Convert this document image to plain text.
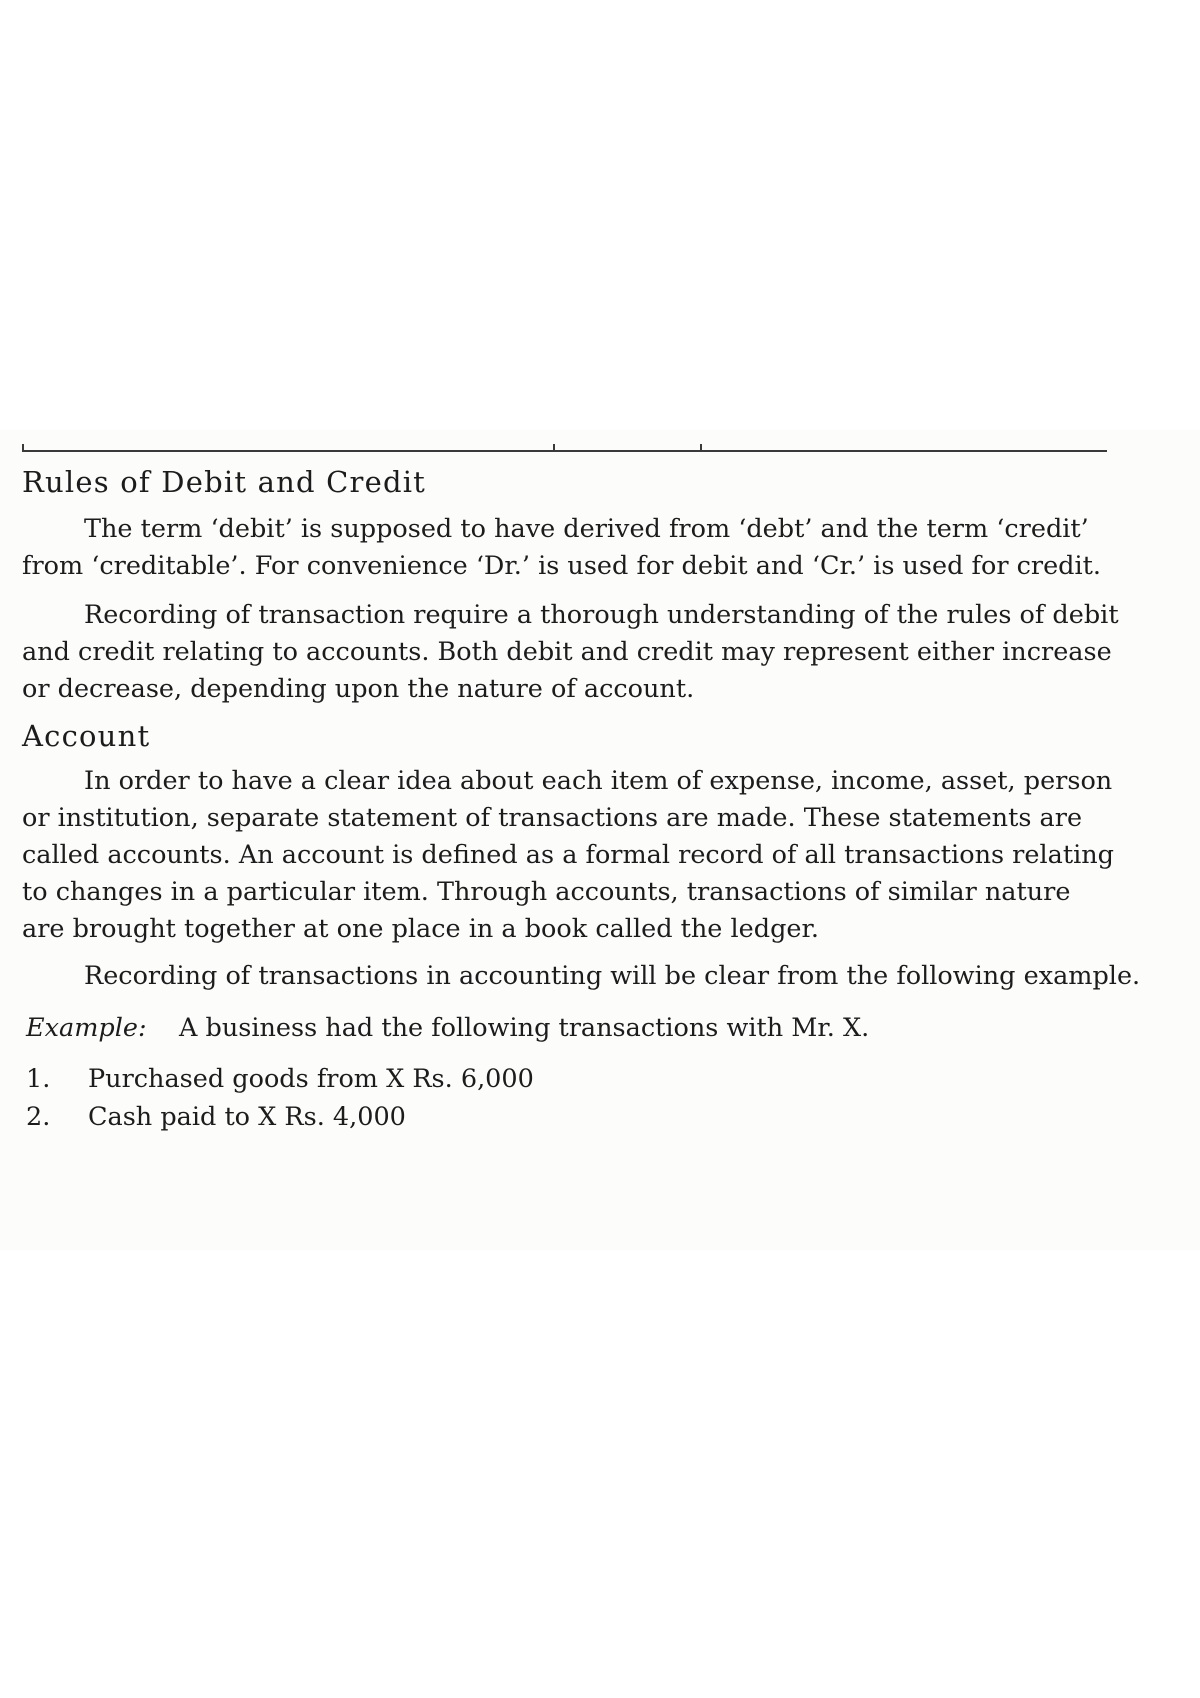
Rules of Debit and Credit
The term ‘debit’ is supposed to have derived from ‘debt’ and the term ‘credit’
from ‘creditable’. For convenience ‘Dr.’ is used for debit and ‘Cr.’ is used for credit.
Recording of transaction require a thorough understanding of the rules of debit
and credit relating to accounts. Both debit and credit may represent either increase
or decrease, depending upon the nature of account.
Account
In order to have a clear idea about each item of expense, income, asset, person
or institution, separate statement of transactions are made. These statements are
called accounts. An account is defined as a formal record of all transactions relating
to changes in a particular item. Through accounts, transactions of similar nature
are brought together at one place in a book called the ledger.
Recording of transactions in accounting will be clear from the following example.
Example: A business had the following transactions with Mr. X.
1.	Purchased goods from X Rs. 6,000
2.	Cash paid to X Rs. 4,000
